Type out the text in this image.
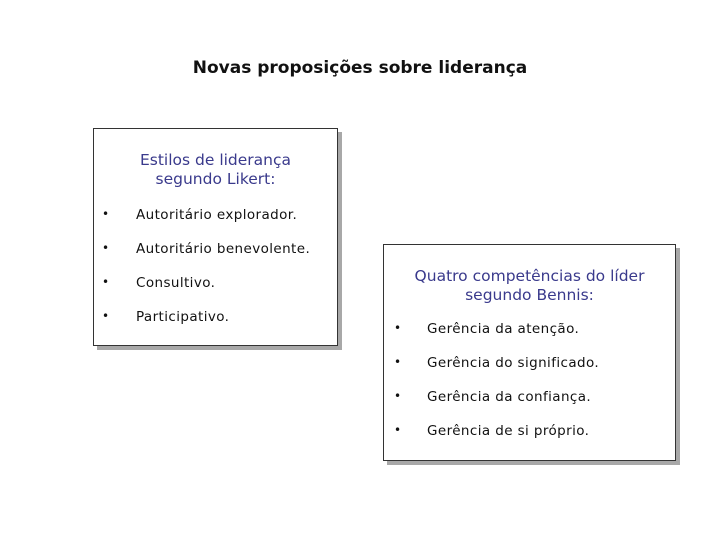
Novas proposições sobre liderança
Estilos de liderança
segundo Likert:
• Autoritário explorador.
• Autoritário benevolente.
• Consultivo.
• Participativo.
Quatro competências do líder
segundo Bennis:
• Gerência da atenção.
• Gerência do significado.
• Gerência da confiança.
• Gerência de si próprio.
